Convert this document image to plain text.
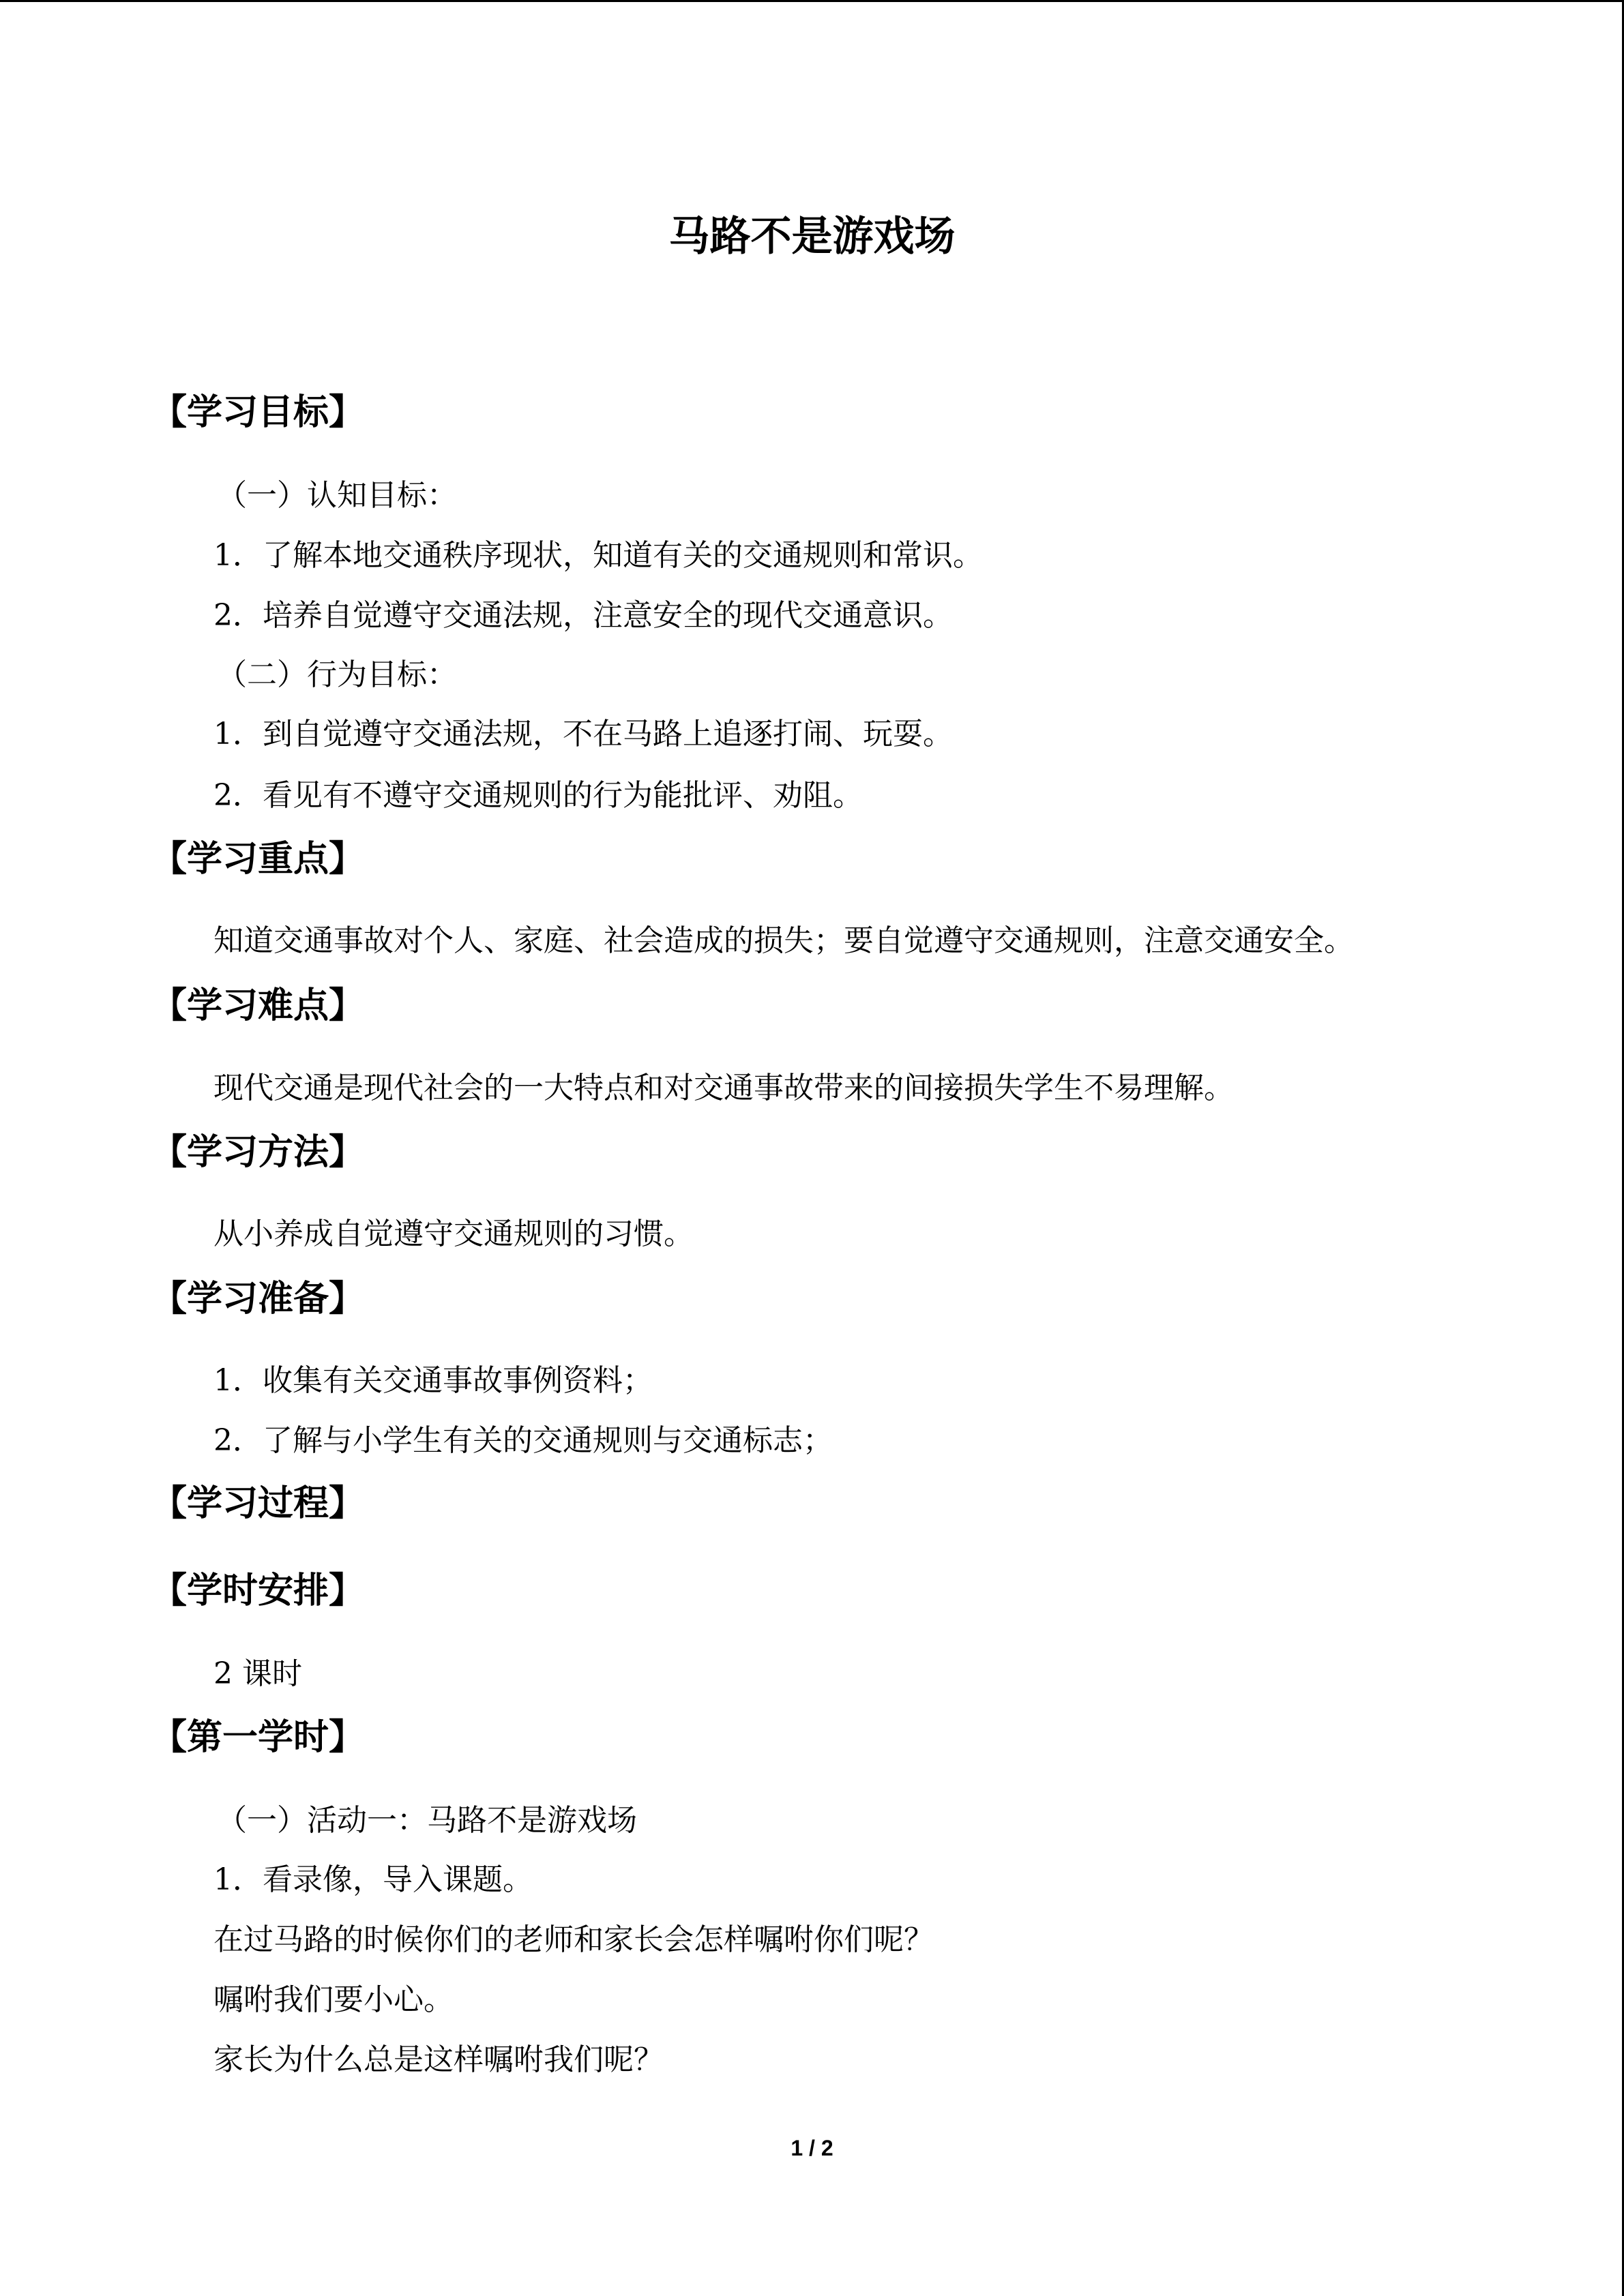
马路不是游戏场
【学习目标】
（一）认知目标：
1．了解本地交通秩序现状，知道有关的交通规则和常识。
2．培养自觉遵守交通法规，注意安全的现代交通意识。
（二）行为目标：
1．到自觉遵守交通法规，不在马路上追逐打闹、玩耍。
2．看见有不遵守交通规则的行为能批评、劝阻。
【学习重点】
知道交通事故对个人、家庭、社会造成的损失；要自觉遵守交通规则，注意交通安全。
【学习难点】
现代交通是现代社会的一大特点和对交通事故带来的间接损失学生不易理解。
【学习方法】
从小养成自觉遵守交通规则的习惯。
【学习准备】
1．收集有关交通事故事例资料；
2．了解与小学生有关的交通规则与交通标志；
【学习过程】
【学时安排】
2 课时
【第一学时】
（一）活动一：马路不是游戏场
1．看录像，导入课题。
在过马路的时候你们的老师和家长会怎样嘱咐你们呢？
嘱咐我们要小心。
家长为什么总是这样嘱咐我们呢？
1 / 2
